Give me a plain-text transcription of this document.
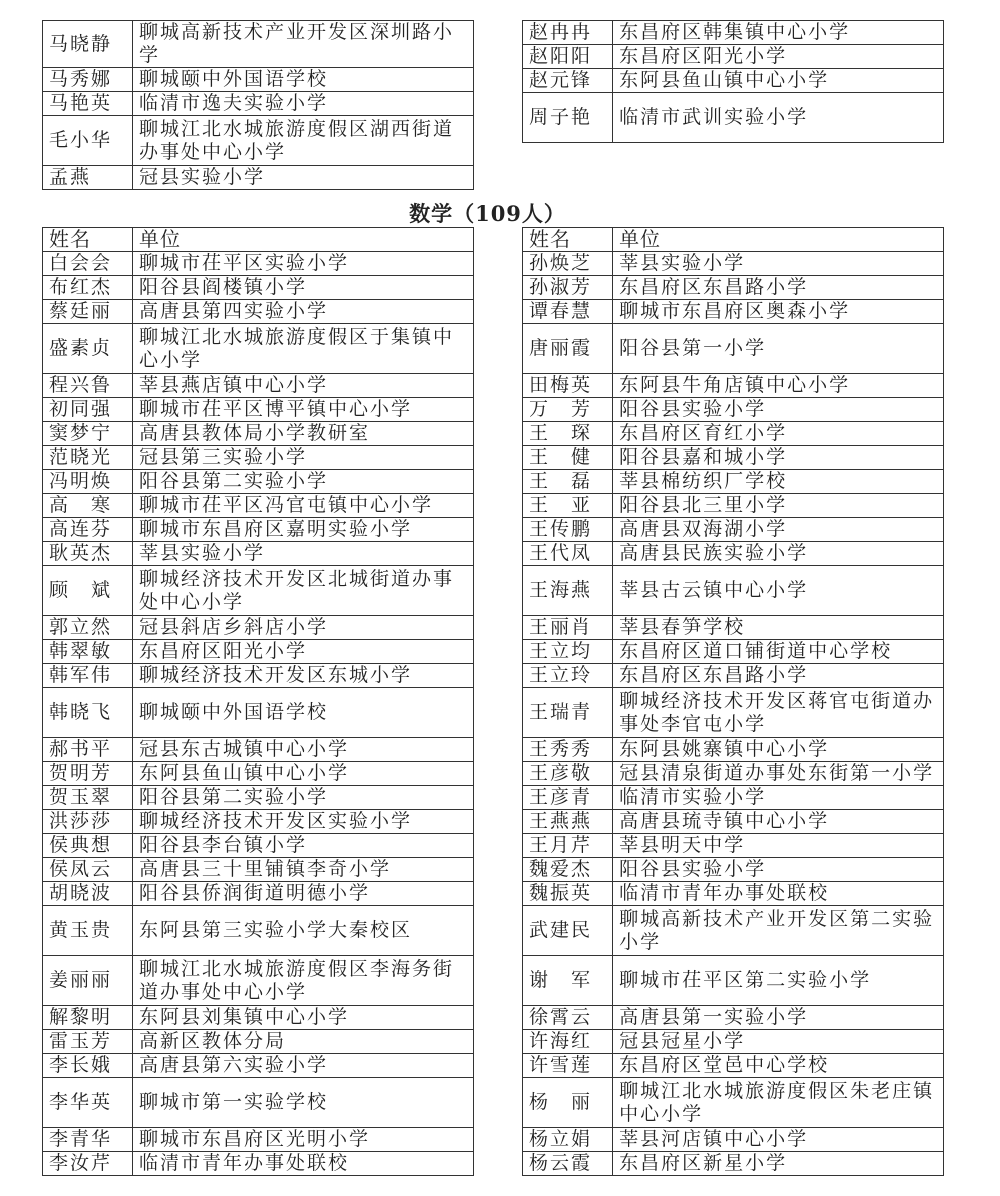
马晓静	聊城高新技术产业开发区深圳路小学
马秀娜	聊城颐中外国语学校
马艳英	临清市逸夫实验小学
毛小华	聊城江北水城旅游度假区湖西街道办事处中心小学
孟燕	冠县实验小学
赵冉冉	东昌府区韩集镇中心小学
赵阳阳	东昌府区阳光小学
赵元锋	东阿县鱼山镇中心小学
周子艳	临清市武训实验小学
数学（109人）
姓名	单位
白会会	聊城市茌平区实验小学
布红杰	阳谷县阎楼镇小学
蔡廷丽	高唐县第四实验小学
盛素贞	聊城江北水城旅游度假区于集镇中心小学
程兴鲁	莘县燕店镇中心小学
初同强	聊城市茌平区博平镇中心小学
窦梦宁	高唐县教体局小学教研室
范晓光	冠县第三实验小学
冯明焕	阳谷县第二实验小学
高　寒	聊城市茌平区冯官屯镇中心小学
高连芬	聊城市东昌府区嘉明实验小学
耿英杰	莘县实验小学
顾　斌	聊城经济技术开发区北城街道办事处中心小学
郭立然	冠县斜店乡斜店小学
韩翠敏	东昌府区阳光小学
韩军伟	聊城经济技术开发区东城小学
韩晓飞	聊城颐中外国语学校
郝书平	冠县东古城镇中心小学
贺明芳	东阿县鱼山镇中心小学
贺玉翠	阳谷县第二实验小学
洪莎莎	聊城经济技术开发区实验小学
侯典想	阳谷县李台镇小学
侯凤云	高唐县三十里铺镇李奇小学
胡晓波	阳谷县侨润街道明德小学
黄玉贵	东阿县第三实验小学大秦校区
姜丽丽	聊城江北水城旅游度假区李海务街道办事处中心小学
解黎明	东阿县刘集镇中心小学
雷玉芳	高新区教体分局
李长娥	高唐县第六实验小学
李华英	聊城市第一实验学校
李青华	聊城市东昌府区光明小学
李汝芹	临清市青年办事处联校
姓名	单位
孙焕芝	莘县实验小学
孙淑芳	东昌府区东昌路小学
谭春慧	聊城市东昌府区奥森小学
唐丽霞	阳谷县第一小学
田梅英	东阿县牛角店镇中心小学
万　芳	阳谷县实验小学
王　琛	东昌府区育红小学
王　健	阳谷县嘉和城小学
王　磊	莘县棉纺织厂学校
王　亚	阳谷县北三里小学
王传鹏	高唐县双海湖小学
王代凤	高唐县民族实验小学
王海燕	莘县古云镇中心小学
王丽肖	莘县春笋学校
王立均	东昌府区道口铺街道中心学校
王立玲	东昌府区东昌路小学
王瑞青	聊城经济技术开发区蒋官屯街道办事处李官屯小学
王秀秀	东阿县姚寨镇中心小学
王彦敬	冠县清泉街道办事处东街第一小学
王彦青	临清市实验小学
王燕燕	高唐县琉寺镇中心小学
王月芹	莘县明天中学
魏爱杰	阳谷县实验小学
魏振英	临清市青年办事处联校
武建民	聊城高新技术产业开发区第二实验小学
谢　军	聊城市茌平区第二实验小学
徐霄云	高唐县第一实验小学
许海红	冠县冠星小学
许雪莲	东昌府区堂邑中心学校
杨　丽	聊城江北水城旅游度假区朱老庄镇中心小学
杨立娟	莘县河店镇中心小学
杨云霞	东昌府区新星小学
